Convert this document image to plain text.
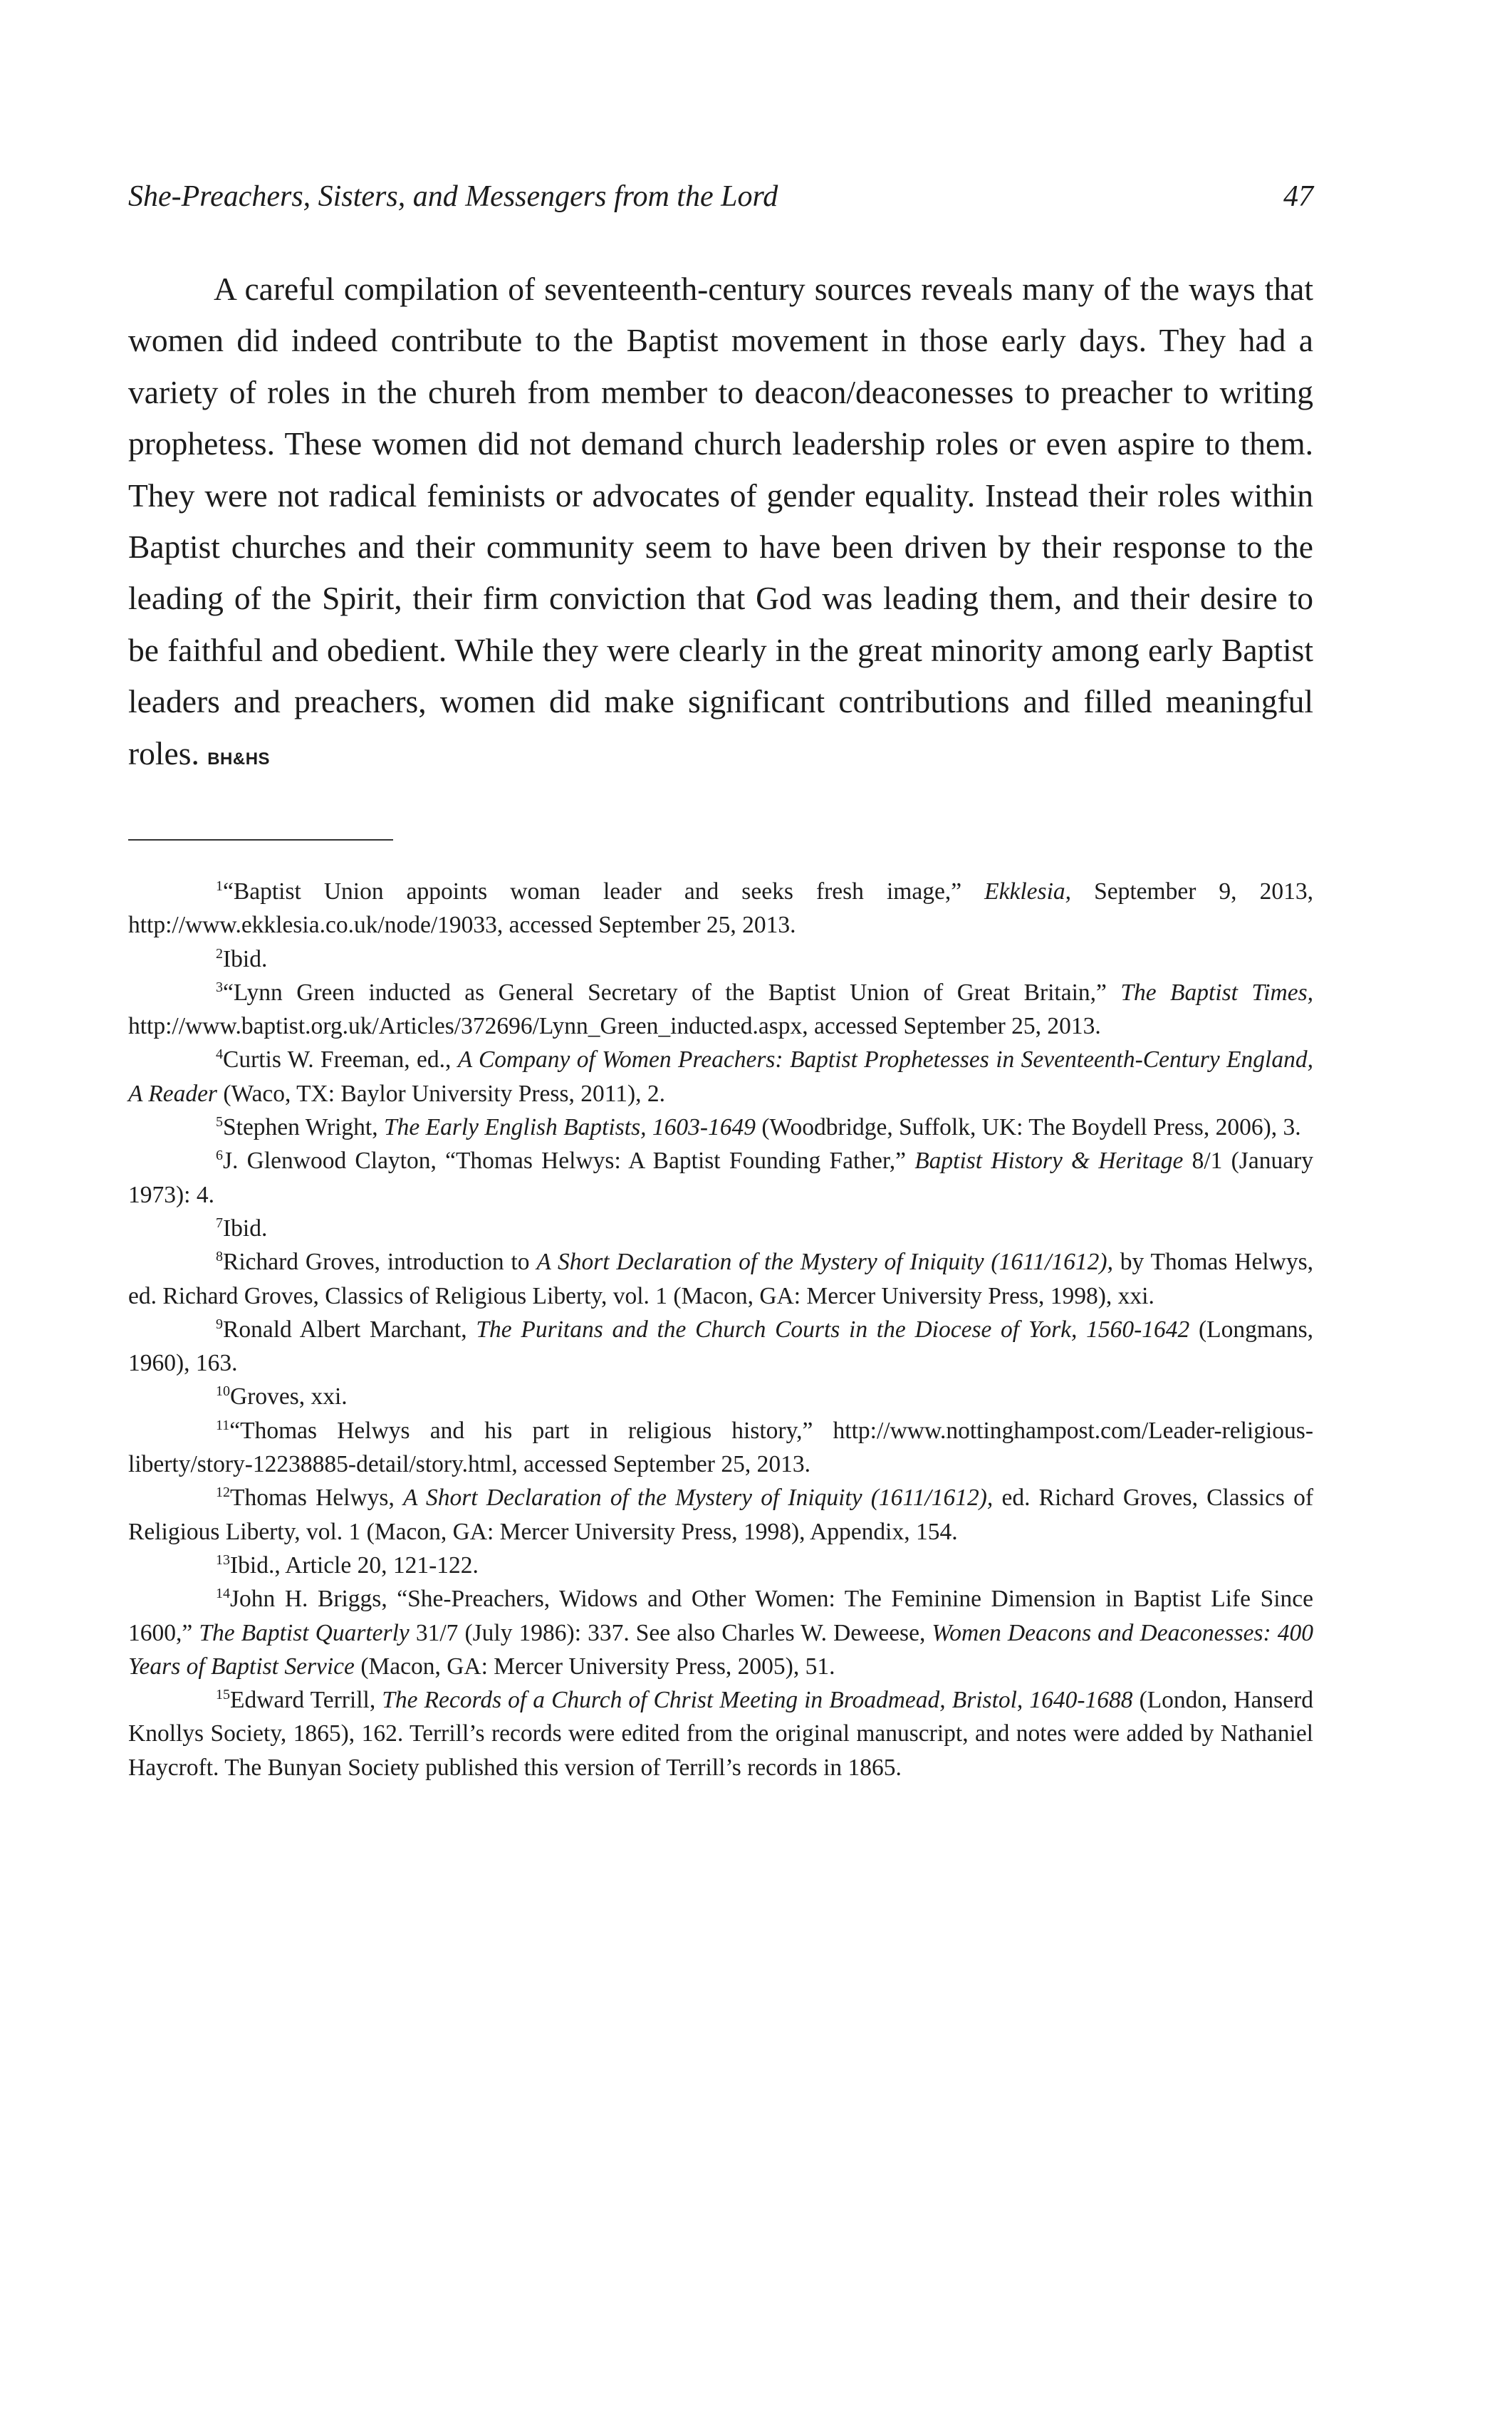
She-Preachers, Sisters, and Messengers from the Lord	47

A careful compilation of seventeenth-century sources reveals many of the ways that women did indeed contribute to the Baptist movement in those early days. They had a variety of roles in the chureh from member to deacon/deaconesses to preacher to writing prophetess. These women did not demand church leadership roles or even aspire to them. They were not radical feminists or advocates of gender equality. Instead their roles within Baptist churches and their community seem to have been driven by their response to the leading of the Spirit, their firm conviction that God was leading them, and their desire to be faithful and obedient. While they were clearly in the great minority among early Baptist leaders and preachers, women did make significant contributions and filled meaningful roles. BH&HS

$^1$“Baptist Union appoints woman leader and seeks fresh image,” Ekklesia, September 9, 2013, http://www.ekklesia.co.uk/node/19033, accessed September 25, 2013.

$^2$Ibid.

$^3$“Lynn Green inducted as General Secretary of the Baptist Union of Great Britain,” The Baptist Times, http://www.baptist.org.uk/Articles/372696/Lynn_Green_inducted.aspx, accessed September 25, 2013.

$^4$Curtis W. Freeman, ed., A Company of Women Preachers: Baptist Prophetesses in Seventeenth-Century England, A Reader (Waco, TX: Baylor University Press, 2011), 2.

$^5$Stephen Wright, The Early English Baptists, 1603-1649 (Woodbridge, Suffolk, UK: The Boydell Press, 2006), 3.

$^6$J. Glenwood Clayton, “Thomas Helwys: A Baptist Founding Father,” Baptist History & Heritage 8/1 (January 1973): 4.

$^7$Ibid.

$^8$Richard Groves, introduction to A Short Declaration of the Mystery of Iniquity (1611/1612), by Thomas Helwys, ed. Richard Groves, Classics of Religious Liberty, vol. 1 (Macon, GA: Mercer University Press, 1998), xxi.

$^9$Ronald Albert Marchant, The Puritans and the Church Courts in the Diocese of York, 1560-1642 (Longmans, 1960), 163.

$^{10}$Groves, xxi.

$^{11}$“Thomas Helwys and his part in religious history,” http://www.nottinghampost.com/Leader-religious-liberty/story-12238885-detail/story.html, accessed September 25, 2013.

$^{12}$Thomas Helwys, A Short Declaration of the Mystery of Iniquity (1611/1612), ed. Richard Groves, Classics of Religious Liberty, vol. 1 (Macon, GA: Mercer University Press, 1998), Appendix, 154.

$^{13}$Ibid., Article 20, 121-122.

$^{14}$John H. Briggs, “She-Preachers, Widows and Other Women: The Feminine Dimension in Baptist Life Since 1600,” The Baptist Quarterly 31/7 (July 1986): 337. See also Charles W. Deweese, Women Deacons and Deaconesses: 400 Years of Baptist Service (Macon, GA: Mercer University Press, 2005), 51.

$^{15}$Edward Terrill, The Records of a Church of Christ Meeting in Broadmead, Bristol, 1640-1688 (London, Hanserd Knollys Society, 1865), 162. Terrill’s records were edited from the original manuscript, and notes were added by Nathaniel Haycroft. The Bunyan Society published this version of Terrill’s records in 1865.
